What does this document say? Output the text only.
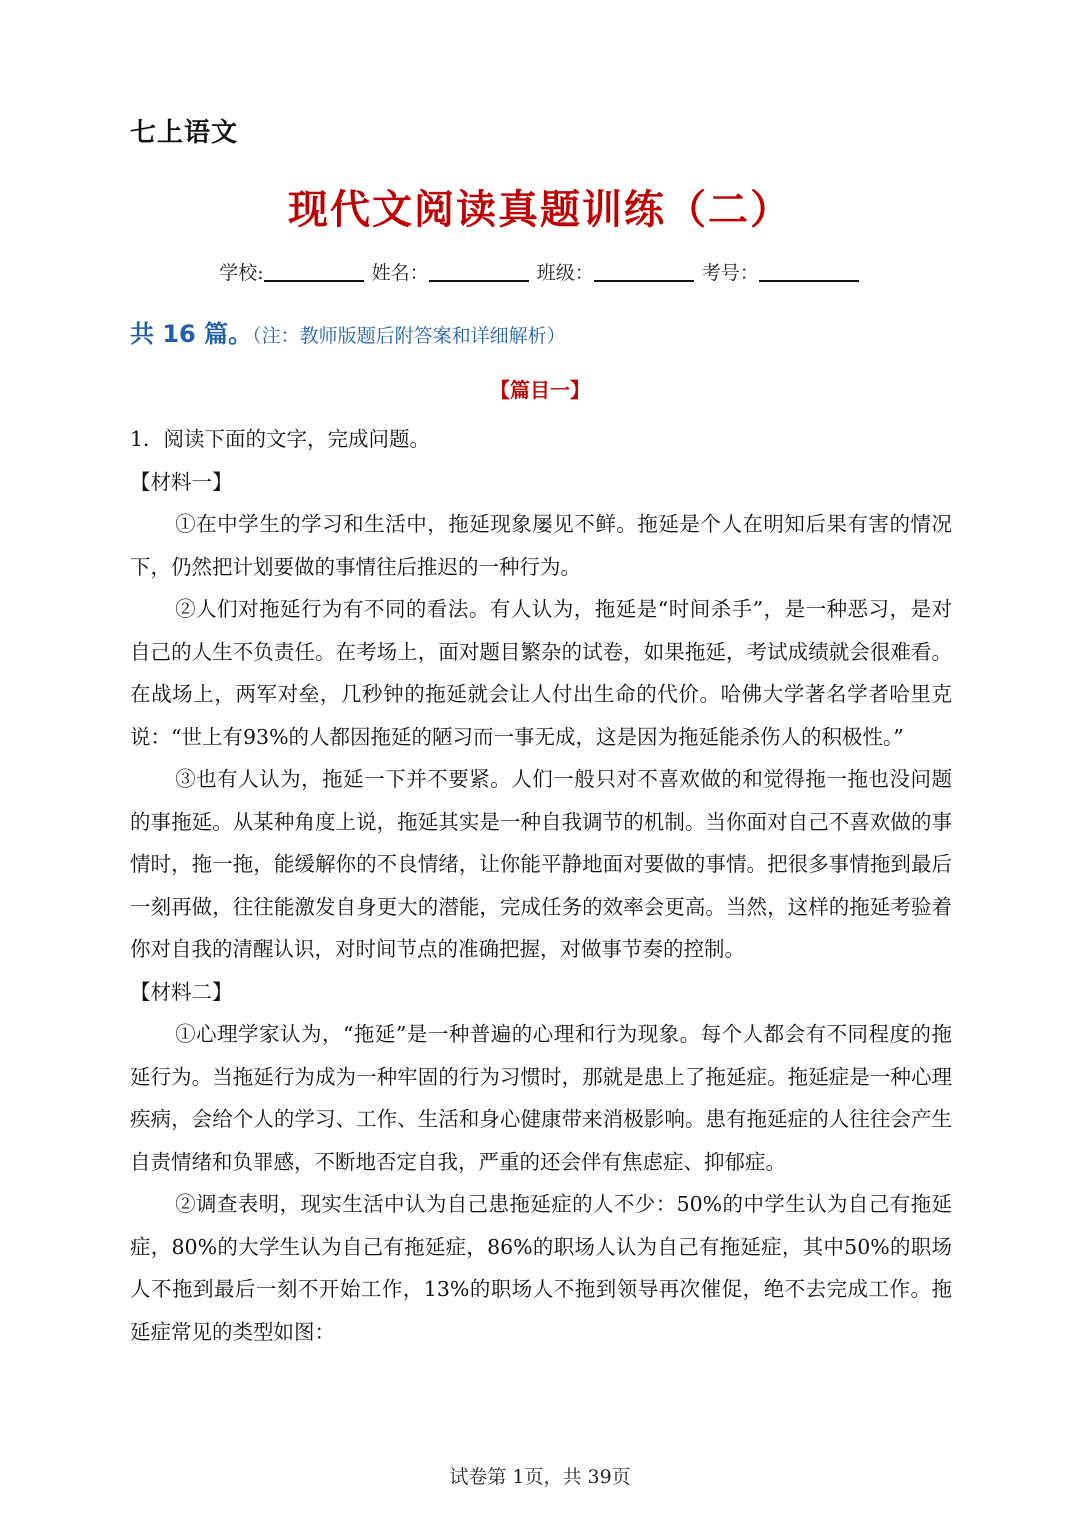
七上语文
现代文阅读真题训练（二）
学校:	姓名：	班级：	考号：
共 16 篇。（注：教师版题后附答案和详细解析）
【篇目一】

1．阅读下面的文字，完成问题。

【材料一】

①在中学生的学习和生活中，拖延现象屡见不鲜。拖延是个人在明知后果有害的情况下，仍然把计划要做的事情往后推迟的一种行为。

②人们对拖延行为有不同的看法。有人认为，拖延是“时间杀手”，是一种恶习，是对自己的人生不负责任。在考场上，面对题目繁杂的试卷，如果拖延，考试成绩就会很难看。在战场上，两军对垒，几秒钟的拖延就会让人付出生命的代价。哈佛大学著名学者哈里克说：“世上有93%的人都因拖延的陋习而一事无成，这是因为拖延能杀伤人的积极性。”

③也有人认为，拖延一下并不要紧。人们一般只对不喜欢做的和觉得拖一拖也没问题的事拖延。从某种角度上说，拖延其实是一种自我调节的机制。当你面对自己不喜欢做的事情时，拖一拖，能缓解你的不良情绪，让你能平静地面对要做的事情。把很多事情拖到最后一刻再做，往往能激发自身更大的潜能，完成任务的效率会更高。当然，这样的拖延考验着你对自我的清醒认识，对时间节点的准确把握，对做事节奏的控制。

【材料二】

①心理学家认为，“拖延”是一种普遍的心理和行为现象。每个人都会有不同程度的拖延行为。当拖延行为成为一种牢固的行为习惯时，那就是患上了拖延症。拖延症是一种心理疾病，会给个人的学习、工作、生活和身心健康带来消极影响。患有拖延症的人往往会产生自责情绪和负罪感，不断地否定自我，严重的还会伴有焦虑症、抑郁症。

②调查表明，现实生活中认为自己患拖延症的人不少：50%的中学生认为自己有拖延症，80%的大学生认为自己有拖延症，86%的职场人认为自己有拖延症，其中50%的职场人不拖到最后一刻不开始工作，13%的职场人不拖到领导再次催促，绝不去完成工作。拖延症常见的类型如图：

试卷第 1页，共 39页
